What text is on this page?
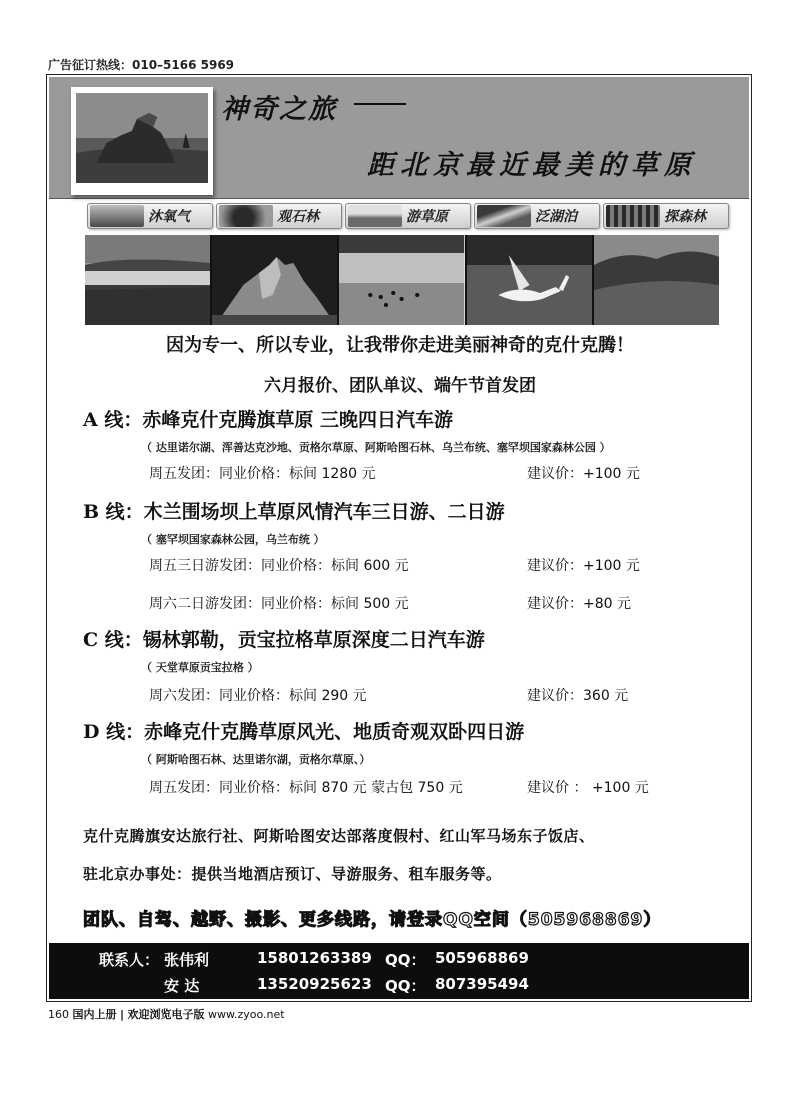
广告征订热线：010–5166 5969
神奇之旅
距北京最近最美的草原
沐氧气	观石林	游草原	泛湖泊	探森林
因为专一、所以专业，让我带你走进美丽神奇的克什克腾！
六月报价、团队单议、端午节首发团
A 线：赤峰克什克腾旗草原 三晚四日汽车游
（ 达里诺尔湖、浑善达克沙地、贡格尔草原、阿斯哈图石林、乌兰布统、塞罕坝国家森林公园 ）
周五发团：同业价格：标间 1280 元	建议价：+100 元
B 线：木兰围场坝上草原风情汽车三日游、二日游
（ 塞罕坝国家森林公园，乌兰布统 ）
周五三日游发团：同业价格：标间 600 元	建议价：+100 元
周六二日游发团：同业价格：标间 500 元	建议价：+80 元
C 线：锡林郭勒，贡宝拉格草原深度二日汽车游
（ 天堂草原贡宝拉格 ）
周六发团：同业价格：标间 290 元	建议价：360 元
D 线：赤峰克什克腾草原风光、地质奇观双卧四日游
（ 阿斯哈图石林、达里诺尔湖，贡格尔草原、）
周五发团：同业价格：标间 870 元 蒙古包 750 元	建议价 ： +100 元
克什克腾旗安达旅行社、阿斯哈图安达部落度假村、红山军马场东子饭店、
驻北京办事处：提供当地酒店预订、导游服务、租车服务等。
团队、自驾、越野、摄影、更多线路，请登录QQ空间（505968869）
联系人： 张伟利	15801263389 QQ： 505968869
安 达	13520925623 QQ： 807395494
160 国内上册 | 欢迎浏览电子版 www.zyoo.net
